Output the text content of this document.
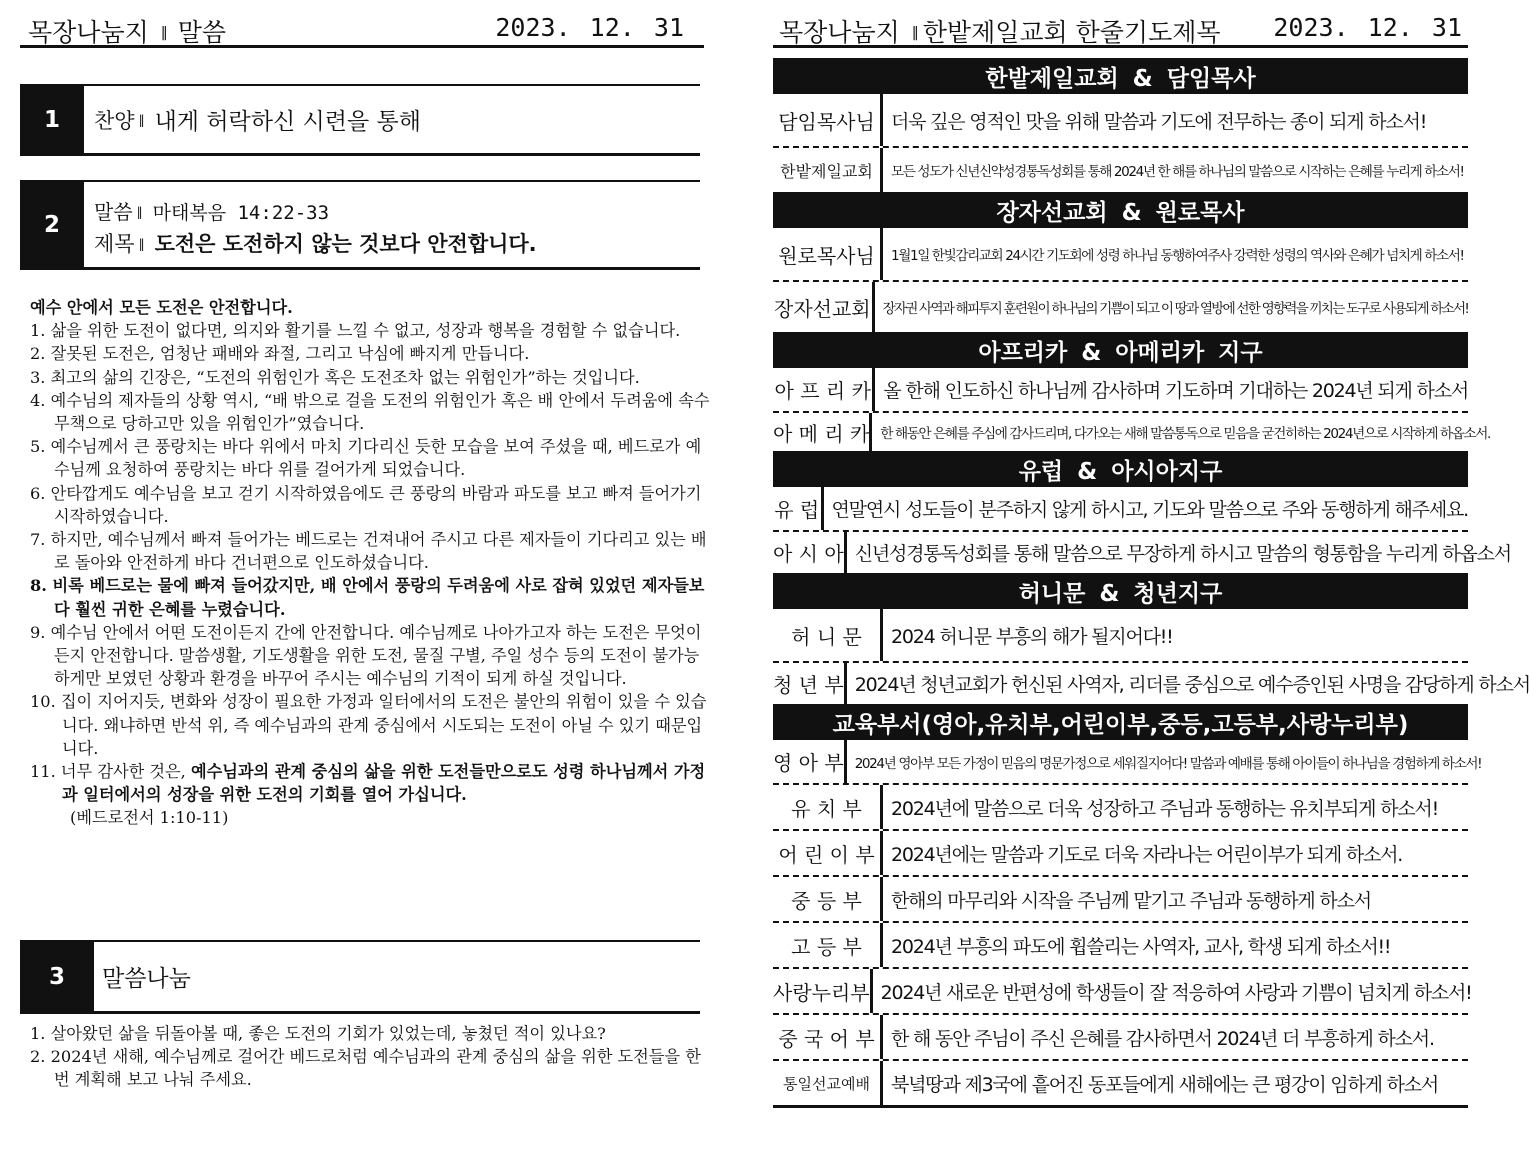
목장나눔지 ‖ 말씀	2023. 12. 31
1	찬양 ‖ 내게 허락하신 시련을 통해
2	말씀 ‖ 마태복음 14:22-33
제목 ‖ 도전은 도전하지 않는 것보다 안전합니다.
예수 안에서 모든 도전은 안전합니다.
1. 삶을 위한 도전이 없다면, 의지와 활기를 느낄 수 없고, 성장과 행복을 경험할 수 없습니다.
2. 잘못된 도전은, 엄청난 패배와 좌절, 그리고 낙심에 빠지게 만듭니다.
3. 최고의 삶의 긴장은, “도전의 위험인가 혹은 도전조차 없는 위험인가”하는 것입니다.
4. 예수님의 제자들의 상황 역시, “배 밖으로 걸을 도전의 위험인가 혹은 배 안에서 두려움에 속수무책으로 당하고만 있을 위험인가”였습니다.
5. 예수님께서 큰 풍랑치는 바다 위에서 마치 기다리신 듯한 모습을 보여 주셨을 때, 베드로가 예수님께 요청하여 풍랑치는 바다 위를 걸어가게 되었습니다.
6. 안타깝게도 예수님을 보고 걷기 시작하였음에도 큰 풍랑의 바람과 파도를 보고 빠져 들어가기 시작하였습니다.
7. 하지만, 예수님께서 빠져 들어가는 베드로는 건져내어 주시고 다른 제자들이 기다리고 있는 배로 돌아와 안전하게 바다 건너편으로 인도하셨습니다.
8. 비록 베드로는 물에 빠져 들어갔지만, 배 안에서 풍랑의 두려움에 사로 잡혀 있었던 제자들보다 훨씬 귀한 은혜를 누렸습니다.
9. 예수님 안에서 어떤 도전이든지 간에 안전합니다. 예수님께로 나아가고자 하는 도전은 무엇이든지 안전합니다. 말씀생활, 기도생활을 위한 도전, 물질 구별, 주일 성수 등의 도전이 불가능하게만 보였던 상황과 환경을 바꾸어 주시는 예수님의 기적이 되게 하실 것입니다.
10. 집이 지어지듯, 변화와 성장이 필요한 가정과 일터에서의 도전은 불안의 위험이 있을 수 있습니다. 왜냐하면 반석 위, 즉 예수님과의 관계 중심에서 시도되는 도전이 아닐 수 있기 때문입니다.
11. 너무 감사한 것은, 예수님과의 관계 중심의 삶을 위한 도전들만으로도 성령 하나님께서 가정과 일터에서의 성장을 위한 도전의 기회를 열어 가십니다.
(베드로전서 1:10-11)
3	말씀나눔
1. 살아왔던 삶을 뒤돌아볼 때, 좋은 도전의 기회가 있었는데, 놓쳤던 적이 있나요?
2. 2024년 새해, 예수님께로 걸어간 베드로처럼 예수님과의 관계 중심의 삶을 위한 도전들을 한번 계획해 보고 나눠 주세요.
목장나눔지 ‖ 한밭제일교회 한줄기도제목 2023. 12. 31
한밭제일교회 & 담임목사
담임목사님 더욱 깊은 영적인 맛을 위해 말씀과 기도에 전무하는 종이 되게 하소서!
한밭제일교회	모든 성도가 신년신약성경통독성회를 통해 2024년 한 해를 하나님의 말씀으로 시작하는 은혜를 누리게 하소서!
장자선교회 & 원로목사
원로목사님	1월1일 한빛감리교회 24시간 기도회에 성령 하나님 동행하여주사 강력한 성령의 역사와 은혜가 넘치게 하소서!
장자선교회 장자권 사역과 해피투지 훈련원이 하나님의 기쁨이 되고 이 땅과 열방에 선한 영향력을 끼치는 도구로 사용되게 하소서!
아프리카 & 아메리카 지구
아 프 리 카 올 한해 인도하신 하나님께 감사하며 기도하며 기대하는 2024년 되게 하소서
아 메 리 카 한 해동안 은혜를 주심에 감사드리며, 다가오는 새해 말씀통독으로 믿음을 굳건히하는 2024년으로 시작하게 하옵소서.
유럽 & 아시아지구
유 럽 연말연시 성도들이 분주하지 않게 하시고, 기도와 말씀으로 주와 동행하게 해주세요.
아 시 아 신년성경통독성회를 통해 말씀으로 무장하게 하시고 말씀의 형통함을 누리게 하옵소서
허니문 & 청년지구
허 니 문	2024 허니문 부흥의 해가 될지어다!!
청 년 부 2024년 청년교회가 헌신된 사역자, 리더를 중심으로 예수증인된 사명을 감당하게 하소서
교육부서(영아,유치부,어린이부,중등,고등부,사랑누리부)
영 아 부 2024년 영아부 모든 가정이 믿음의 명문가정으로 세워질지어다! 말씀과 예배를 통해 아이들이 하나님을 경험하게 하소서!
유 치 부	2024년에 말씀으로 더욱 성장하고 주님과 동행하는 유치부되게 하소서!
어 린 이 부 2024년에는 말씀과 기도로 더욱 자라나는 어린이부가 되게 하소서.
중 등 부	한해의 마무리와 시작을 주님께 맡기고 주님과 동행하게 하소서
고 등 부	2024년 부흥의 파도에 휩쓸리는 사역자, 교사, 학생 되게 하소서!!
사랑누리부 2024년 새로운 반편성에 학생들이 잘 적응하여 사랑과 기쁨이 넘치게 하소서!
중 국 어 부 한 해 동안 주님이 주신 은혜를 감사하면서 2024년 더 부흥하게 하소서.
통일선교예배	북녘땅과 제3국에 흩어진 동포들에게 새해에는 큰 평강이 임하게 하소서
